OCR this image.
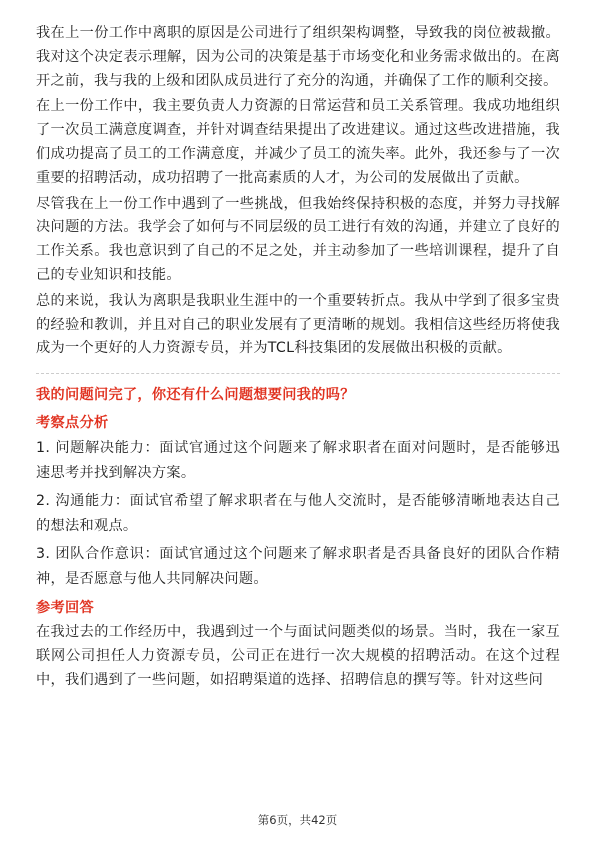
我在上一份工作中离职的原因是公司进行了组织架构调整，导致我的岗位被裁撤。我对这个决定表示理解，因为公司的决策是基于市场变化和业务需求做出的。在离开之前，我与我的上级和团队成员进行了充分的沟通，并确保了工作的顺利交接。

在上一份工作中，我主要负责人力资源的日常运营和员工关系管理。我成功地组织了一次员工满意度调查，并针对调查结果提出了改进建议。通过这些改进措施，我们成功提高了员工的工作满意度，并减少了员工的流失率。此外，我还参与了一次重要的招聘活动，成功招聘了一批高素质的人才，为公司的发展做出了贡献。

尽管我在上一份工作中遇到了一些挑战，但我始终保持积极的态度，并努力寻找解决问题的方法。我学会了如何与不同层级的员工进行有效的沟通，并建立了良好的工作关系。我也意识到了自己的不足之处，并主动参加了一些培训课程，提升了自己的专业知识和技能。

总的来说，我认为离职是我职业生涯中的一个重要转折点。我从中学到了很多宝贵的经验和教训，并且对自己的职业发展有了更清晰的规划。我相信这些经历将使我成为一个更好的人力资源专员，并为TCL科技集团的发展做出积极的贡献。

我的问题问完了，你还有什么问题想要问我的吗？

考察点分析

1. 问题解决能力：面试官通过这个问题来了解求职者在面对问题时，是否能够迅速思考并找到解决方案。

2. 沟通能力：面试官希望了解求职者在与他人交流时，是否能够清晰地表达自己的想法和观点。

3. 团队合作意识：面试官通过这个问题来了解求职者是否具备良好的团队合作精神，是否愿意与他人共同解决问题。

参考回答

在我过去的工作经历中，我遇到过一个与面试问题类似的场景。当时，我在一家互联网公司担任人力资源专员，公司正在进行一次大规模的招聘活动。在这个过程中，我们遇到了一些问题，如招聘渠道的选择、招聘信息的撰写等。针对这些问

第6页，共42页
